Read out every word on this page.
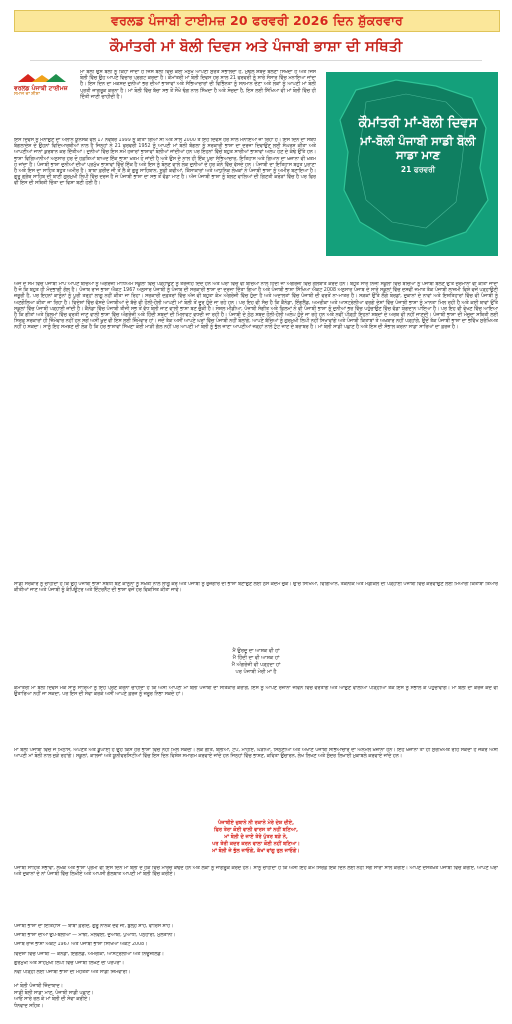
ਵਰਲਡ ਪੰਜਾਬੀ ਟਾਈਮਜ਼ 20 ਫਰਵਰੀ 2026 ਦਿਨ ਸ਼ੁੱਕਰਵਾਰ
ਕੌਮਾਂਤਰੀ ਮਾਂ ਬੋਲੀ ਦਿਵਸ ਅਤੇ ਪੰਜਾਬੀ ਭਾਸ਼ਾ ਦੀ ਸਥਿਤੀ
ਵਰਲਡ ਪੰਜਾਬੀ ਟਾਈਮਜ਼
ਸਮਾਜ ਦਾ ਸ਼ੀਸ਼ਾ
ਮਾਂ ਬੋਲੀ ਉਸ ਬੋਲੀ ਨੂੰ ਕਿਹਾ ਜਾਂਦਾ ਹੈ ਜਿਸ ਬੋਲੀ ਵਿੱਚ ਕੋਈ ਮਨੁੱਖ ਆਪਣੀ ਸੁਰਤ ਸੰਭਾਲਦਾ ਹੈ, ਮੁਢਲੇ ਸ਼ਬਦ ਬੋਲਣਾ ਸਿੱਖਦਾ ਹੈ ਅਤੇ ਜਿਸ ਬੋਲੀ ਵਿੱਚ ਉਹ ਆਪਣੇ ਵਿਚਾਰ ਪ੍ਰਗਟ ਕਰਦਾ ਹੈ। ਕੌਮਾਂਤਰੀ ਮਾਂ ਬੋਲੀ ਦਿਵਸ ਹਰ ਸਾਲ 21 ਫਰਵਰੀ ਨੂੰ ਸਾਰੇ ਸੰਸਾਰ ਵਿੱਚ ਮਨਾਇਆ ਜਾਂਦਾ ਹੈ। ਇਸ ਦਿਨ ਦਾ ਮਕਸਦ ਦੁਨੀਆਂ ਭਰ ਦੀਆਂ ਭਾਸ਼ਾਵਾਂ ਅਤੇ ਸੱਭਿਆਚਾਰਾਂ ਦੀ ਵਿਭਿੰਨਤਾ ਨੂੰ ਸਨਮਾਨ ਦੇਣਾ ਅਤੇ ਲੋਕਾਂ ਨੂੰ ਆਪਣੀ ਮਾਂ ਬੋਲੀ ਪ੍ਰਤੀ ਜਾਗਰੂਕ ਕਰਨਾ ਹੈ। ਮਾਂ ਬੋਲੀ ਵਿੱਚ ਬੱਚਾ ਸਭ ਤੋਂ ਸੌਖੇ ਢੰਗ ਨਾਲ ਸਿੱਖਦਾ ਹੈ ਅਤੇ ਸੋਚਦਾ ਹੈ, ਇਸ ਲਈ ਸਿੱਖਿਆ ਵੀ ਮਾਂ ਬੋਲੀ ਵਿੱਚ ਹੀ ਦਿੱਤੀ ਜਾਣੀ ਚਾਹੀਦੀ ਹੈ।
ਕੌਮਾਂਤਰੀ ਮਾਂ-ਬੋਲੀ ਦਿਵਸ
ਮਾਂ-ਬੋਲੀ ਪੰਜਾਬੀ ਸਾਡੀ ਬੋਲੀ ਸਾਡਾ ਮਾਣ
21 ਫਰਵਰੀ
ਇਸ ਦਿਵਸ ਨੂੰ ਮਨਾਉਣ ਦਾ ਐਲਾਨ ਯੂਨੈਸਕੋ ਵੱਲੋਂ 17 ਨਵੰਬਰ 1999 ਨੂੰ ਕੀਤਾ ਗਿਆ ਸੀ ਅਤੇ ਸਾਲ 2000 ਤੋਂ ਇਹ ਦਿਵਸ ਹਰ ਸਾਲ ਮਨਾਇਆ ਜਾ ਰਿਹਾ ਹੈ। ਇਸ ਦਿਨ ਦਾ ਸੰਬੰਧ ਬੰਗਲਾਦੇਸ਼ ਦੇ ਉਹਨਾਂ ਵਿਦਿਆਰਥੀਆਂ ਨਾਲ ਹੈ ਜਿਨ੍ਹਾਂ ਨੇ 21 ਫਰਵਰੀ 1952 ਨੂੰ ਆਪਣੀ ਮਾਂ ਬੋਲੀ ਬੰਗਲਾ ਨੂੰ ਸਰਕਾਰੀ ਭਾਸ਼ਾ ਦਾ ਦਰਜਾ ਦਿਵਾਉਣ ਲਈ ਸੰਘਰਸ਼ ਕੀਤਾ ਅਤੇ ਆਪਣੀਆਂ ਜਾਨਾਂ ਕੁਰਬਾਨ ਕਰ ਦਿੱਤੀਆਂ। ਦੁਨੀਆਂ ਵਿੱਚ ਇਸ ਸਮੇਂ ਹਜ਼ਾਰਾਂ ਭਾਸ਼ਾਵਾਂ ਬੋਲੀਆਂ ਜਾਂਦੀਆਂ ਹਨ ਪਰ ਇਹਨਾਂ ਵਿੱਚੋਂ ਬਹੁਤ ਸਾਰੀਆਂ ਭਾਸ਼ਾਵਾਂ ਅਲੋਪ ਹੋਣ ਦੇ ਕੰਢੇ ਉੱਤੇ ਹਨ। ਭਾਸ਼ਾ ਵਿਗਿਆਨੀਆਂ ਅਨੁਸਾਰ ਹਰ ਦੋ ਹਫ਼ਤਿਆਂ ਬਾਅਦ ਇੱਕ ਭਾਸ਼ਾ ਖ਼ਤਮ ਹੋ ਜਾਂਦੀ ਹੈ ਅਤੇ ਉਸ ਦੇ ਨਾਲ ਹੀ ਇੱਕ ਪੂਰਾ ਸੱਭਿਆਚਾਰ, ਇਤਿਹਾਸ ਅਤੇ ਗਿਆਨ ਦਾ ਖ਼ਜ਼ਾਨਾ ਵੀ ਖ਼ਤਮ ਹੋ ਜਾਂਦਾ ਹੈ। ਪੰਜਾਬੀ ਭਾਸ਼ਾ ਦੁਨੀਆਂ ਦੀਆਂ ਪ੍ਰਮੁੱਖ ਭਾਸ਼ਾਵਾਂ ਵਿੱਚੋਂ ਇੱਕ ਹੈ ਅਤੇ ਇਸ ਨੂੰ ਬੋਲਣ ਵਾਲੇ ਲੋਕ ਦੁਨੀਆਂ ਦੇ ਹਰ ਕੋਨੇ ਵਿੱਚ ਵੱਸਦੇ ਹਨ। ਪੰਜਾਬੀ ਦਾ ਇਤਿਹਾਸ ਬਹੁਤ ਪੁਰਾਣਾ ਹੈ ਅਤੇ ਇਸ ਦਾ ਸਾਹਿਤ ਬਹੁਤ ਅਮੀਰ ਹੈ। ਬਾਬਾ ਫ਼ਰੀਦ ਜੀ ਤੋਂ ਲੈ ਕੇ ਗੁਰੂ ਸਾਹਿਬਾਨ, ਸੂਫ਼ੀ ਕਵੀਆਂ, ਕਿੱਸਾਕਾਰਾਂ ਅਤੇ ਆਧੁਨਿਕ ਲੇਖਕਾਂ ਨੇ ਪੰਜਾਬੀ ਭਾਸ਼ਾ ਨੂੰ ਅਮੀਰ ਬਣਾਇਆ ਹੈ। ਗੁਰੂ ਗ੍ਰੰਥ ਸਾਹਿਬ ਦੀ ਬਾਣੀ ਗੁਰਮੁਖੀ ਲਿਪੀ ਵਿੱਚ ਦਰਜ ਹੈ ਜੋ ਪੰਜਾਬੀ ਭਾਸ਼ਾ ਦਾ ਸਭ ਤੋਂ ਵੱਡਾ ਮਾਣ ਹੈ। ਅੱਜ ਪੰਜਾਬੀ ਭਾਸ਼ਾ ਨੂੰ ਬੋਲਣ ਵਾਲਿਆਂ ਦੀ ਗਿਣਤੀ ਕਰੋੜਾਂ ਵਿੱਚ ਹੈ ਪਰ ਫਿਰ ਵੀ ਇਸ ਦੀ ਸਥਿਤੀ ਚਿੰਤਾ ਦਾ ਵਿਸ਼ਾ ਬਣੀ ਹੋਈ ਹੈ।
ਅੱਜ ਦੇ ਸਮੇਂ ਵਿੱਚ ਪੰਜਾਬੀ ਮਾਪੇ ਆਪਣੇ ਬੱਚਿਆਂ ਨੂੰ ਅੰਗਰੇਜ਼ੀ ਮਾਧਿਅਮ ਸਕੂਲਾਂ ਵਿੱਚ ਪੜ੍ਹਾਉਣ ਨੂੰ ਤਰਜੀਹ ਦਿੰਦੇ ਹਨ ਅਤੇ ਘਰਾਂ ਵਿੱਚ ਵੀ ਬੱਚਿਆਂ ਨਾਲ ਹਿੰਦੀ ਜਾਂ ਅੰਗਰੇਜ਼ੀ ਵਿੱਚ ਗੱਲਬਾਤ ਕਰਦੇ ਹਨ। ਬਹੁਤ ਸਾਰੇ ਨਿੱਜੀ ਸਕੂਲਾਂ ਵਿੱਚ ਬੱਚਿਆਂ ਨੂੰ ਪੰਜਾਬੀ ਬੋਲਣ ਉੱਤੇ ਜੁਰਮਾਨਾ ਵੀ ਕੀਤਾ ਜਾਂਦਾ ਹੈ ਜੋ ਕਿ ਬਹੁਤ ਹੀ ਮੰਦਭਾਗੀ ਗੱਲ ਹੈ। ਪੰਜਾਬ ਰਾਜ ਭਾਸ਼ਾ ਐਕਟ 1967 ਅਨੁਸਾਰ ਪੰਜਾਬੀ ਨੂੰ ਪੰਜਾਬ ਦੀ ਸਰਕਾਰੀ ਭਾਸ਼ਾ ਦਾ ਦਰਜਾ ਦਿੱਤਾ ਗਿਆ ਹੈ ਅਤੇ ਪੰਜਾਬੀ ਭਾਸ਼ਾ ਸਿੱਖਿਆ ਐਕਟ 2008 ਅਨੁਸਾਰ ਪੰਜਾਬ ਦੇ ਸਾਰੇ ਸਕੂਲਾਂ ਵਿੱਚ ਦਸਵੀਂ ਜਮਾਤ ਤੱਕ ਪੰਜਾਬੀ ਲਾਜ਼ਮੀ ਵਿਸ਼ੇ ਵਜੋਂ ਪੜ੍ਹਾਉਣੀ ਜ਼ਰੂਰੀ ਹੈ, ਪਰ ਇਹਨਾਂ ਕਾਨੂੰਨਾਂ ਨੂੰ ਪੂਰੀ ਤਰ੍ਹਾਂ ਲਾਗੂ ਨਹੀਂ ਕੀਤਾ ਜਾ ਰਿਹਾ। ਸਰਕਾਰੀ ਦਫ਼ਤਰਾਂ ਵਿੱਚ ਅੱਜ ਵੀ ਬਹੁਤਾ ਕੰਮ ਅੰਗਰੇਜ਼ੀ ਵਿੱਚ ਹੁੰਦਾ ਹੈ ਅਤੇ ਅਦਾਲਤਾਂ ਵਿੱਚ ਪੰਜਾਬੀ ਦੀ ਵਰਤੋਂ ਨਾ-ਮਾਤਰ ਹੈ। ਸੜਕਾਂ ਉੱਤੇ ਲੱਗੇ ਬੋਰਡਾਂ, ਦੁਕਾਨਾਂ ਦੇ ਨਾਵਾਂ ਅਤੇ ਇਸ਼ਤਿਹਾਰਾਂ ਵਿੱਚ ਵੀ ਪੰਜਾਬੀ ਨੂੰ ਅਣਗੌਲਿਆ ਕੀਤਾ ਜਾ ਰਿਹਾ ਹੈ। ਵਿਦੇਸ਼ਾਂ ਵਿੱਚ ਵੱਸਦੇ ਪੰਜਾਬੀਆਂ ਦੇ ਬੱਚੇ ਵੀ ਹੌਲੀ-ਹੌਲੀ ਆਪਣੀ ਮਾਂ ਬੋਲੀ ਤੋਂ ਦੂਰ ਹੁੰਦੇ ਜਾ ਰਹੇ ਹਨ। ਪਰ ਇਹ ਵੀ ਸੱਚ ਹੈ ਕਿ ਕੈਨੇਡਾ, ਇੰਗਲੈਂਡ, ਅਮਰੀਕਾ ਅਤੇ ਆਸਟ੍ਰੇਲੀਆ ਵਰਗੇ ਦੇਸ਼ਾਂ ਵਿੱਚ ਪੰਜਾਬੀ ਭਾਸ਼ਾ ਨੂੰ ਮਾਨਤਾ ਮਿਲ ਰਹੀ ਹੈ ਅਤੇ ਕਈ ਥਾਵਾਂ ਉੱਤੇ ਸਕੂਲਾਂ ਵਿੱਚ ਪੰਜਾਬੀ ਪੜ੍ਹਾਈ ਜਾਂਦੀ ਹੈ। ਕੈਨੇਡਾ ਵਿੱਚ ਪੰਜਾਬੀ ਤੀਜੀ ਸਭ ਤੋਂ ਵੱਧ ਬੋਲੀ ਜਾਣ ਵਾਲੀ ਭਾਸ਼ਾ ਬਣ ਚੁੱਕੀ ਹੈ। ਸੋਸ਼ਲ ਮੀਡੀਆ, ਪੰਜਾਬੀ ਸੰਗੀਤ ਅਤੇ ਫ਼ਿਲਮਾਂ ਨੇ ਵੀ ਪੰਜਾਬੀ ਭਾਸ਼ਾ ਨੂੰ ਦੁਨੀਆਂ ਭਰ ਵਿੱਚ ਪਹੁੰਚਾਉਣ ਵਿੱਚ ਵੱਡਾ ਯੋਗਦਾਨ ਪਾਇਆ ਹੈ। ਪਰ ਇਹ ਵੀ ਵੇਖਣ ਵਿੱਚ ਆਇਆ ਹੈ ਕਿ ਗੀਤਾਂ ਅਤੇ ਫ਼ਿਲਮਾਂ ਵਿੱਚ ਵਰਤੀ ਜਾਣ ਵਾਲੀ ਭਾਸ਼ਾ ਵਿੱਚ ਅੰਗਰੇਜ਼ੀ ਅਤੇ ਹਿੰਦੀ ਸ਼ਬਦਾਂ ਦੀ ਮਿਲਾਵਟ ਵਧਦੀ ਜਾ ਰਹੀ ਹੈ। ਪੰਜਾਬੀ ਦੇ ਠੇਠ ਸ਼ਬਦ ਹੌਲੀ-ਹੌਲੀ ਅਲੋਪ ਹੁੰਦੇ ਜਾ ਰਹੇ ਹਨ ਅਤੇ ਨਵੀਂ ਪੀੜ੍ਹੀ ਇਹਨਾਂ ਸ਼ਬਦਾਂ ਦੇ ਅਰਥ ਵੀ ਨਹੀਂ ਜਾਣਦੀ। ਪੰਜਾਬੀ ਭਾਸ਼ਾ ਦੀ ਮੌਜੂਦਾ ਸਥਿਤੀ ਲਈ ਸਿਰਫ਼ ਸਰਕਾਰਾਂ ਹੀ ਜ਼ਿੰਮੇਵਾਰ ਨਹੀਂ ਹਨ ਸਗੋਂ ਅਸੀਂ ਖ਼ੁਦ ਵੀ ਇਸ ਲਈ ਜ਼ਿੰਮੇਵਾਰ ਹਾਂ। ਜਦੋਂ ਤੱਕ ਅਸੀਂ ਆਪਣੇ ਘਰਾਂ ਵਿੱਚ ਪੰਜਾਬੀ ਨਹੀਂ ਬੋਲਾਂਗੇ, ਆਪਣੇ ਬੱਚਿਆਂ ਨੂੰ ਗੁਰਮੁਖੀ ਲਿਪੀ ਨਹੀਂ ਸਿਖਾਵਾਂਗੇ ਅਤੇ ਪੰਜਾਬੀ ਕਿਤਾਬਾਂ ਤੇ ਅਖ਼ਬਾਰ ਨਹੀਂ ਪੜ੍ਹਾਂਗੇ, ਉਦੋਂ ਤੱਕ ਪੰਜਾਬੀ ਭਾਸ਼ਾ ਦਾ ਭਵਿੱਖ ਸੁਰੱਖਿਅਤ ਨਹੀਂ ਹੋ ਸਕਦਾ। ਸਾਨੂੰ ਇਹ ਸਮਝਣ ਦੀ ਲੋੜ ਹੈ ਕਿ ਹੋਰ ਭਾਸ਼ਾਵਾਂ ਸਿੱਖਣਾ ਕੋਈ ਮਾੜੀ ਗੱਲ ਨਹੀਂ ਪਰ ਆਪਣੀ ਮਾਂ ਬੋਲੀ ਨੂੰ ਭੁੱਲ ਜਾਣਾ ਆਪਣੀਆਂ ਜੜ੍ਹਾਂ ਨਾਲੋਂ ਟੁੱਟ ਜਾਣ ਦੇ ਬਰਾਬਰ ਹੈ। ਮਾਂ ਬੋਲੀ ਸਾਡੀ ਪਛਾਣ ਹੈ ਅਤੇ ਇਸ ਦੀ ਸੰਭਾਲ ਕਰਨਾ ਸਾਡਾ ਸਾਰਿਆਂ ਦਾ ਫ਼ਰਜ਼ ਹੈ।
ਸਾਡੀ ਸਰਕਾਰ ਨੂੰ ਚਾਹੀਦਾ ਹੈ ਕਿ ਉਹ ਪੰਜਾਬੀ ਭਾਸ਼ਾ ਸੰਬੰਧੀ ਬਣੇ ਕਾਨੂੰਨਾਂ ਨੂੰ ਸਖ਼ਤੀ ਨਾਲ ਲਾਗੂ ਕਰੇ ਅਤੇ ਪੰਜਾਬੀ ਨੂੰ ਰੁਜ਼ਗਾਰ ਦੀ ਭਾਸ਼ਾ ਬਣਾਉਣ ਲਈ ਠੋਸ ਕਦਮ ਚੁੱਕੇ। ਉੱਚ ਸਿੱਖਿਆ, ਵਿਗਿਆਨ, ਤਕਨੀਕ ਅਤੇ ਮੈਡੀਕਲ ਦੀ ਪੜ੍ਹਾਈ ਪੰਜਾਬੀ ਵਿੱਚ ਕਰਵਾਉਣ ਲਈ ਮਿਆਰੀ ਕਿਤਾਬਾਂ ਤਿਆਰ ਕੀਤੀਆਂ ਜਾਣ ਅਤੇ ਪੰਜਾਬੀ ਨੂੰ ਕੰਪਿਊਟਰ ਅਤੇ ਇੰਟਰਨੈੱਟ ਦੀ ਭਾਸ਼ਾ ਵਜੋਂ ਹੋਰ ਵਿਕਸਿਤ ਕੀਤਾ ਜਾਵੇ।
ਮੈਂ ਉਰਦੂ ਦਾ ਆਸ਼ਕ ਵੀ ਹਾਂ
ਮੈਂ ਹਿੰਦੀ ਦਾ ਵੀ ਆਸ਼ਕ ਹਾਂ
ਮੈਂ ਅੰਗਰੇਜ਼ੀ ਵੀ ਪੜ੍ਹਦਾ ਹਾਂ
ਪਰ ਪੰਜਾਬੀ ਮੇਰੀ ਮਾਂ ਹੈ
ਕੌਮਾਂਤਰੀ ਮਾਂ ਬੋਲੀ ਦਿਵਸ ਮੌਕੇ ਸਾਨੂੰ ਸਾਰਿਆਂ ਨੂੰ ਇਹ ਪ੍ਰਣ ਕਰਨਾ ਚਾਹੀਦਾ ਹੈ ਕਿ ਅਸੀਂ ਆਪਣੀ ਮਾਂ ਬੋਲੀ ਪੰਜਾਬੀ ਦਾ ਸਤਿਕਾਰ ਕਰਾਂਗੇ, ਇਸ ਨੂੰ ਆਪਣੇ ਰੋਜ਼ਾਨਾ ਜੀਵਨ ਵਿੱਚ ਵਰਤਾਂਗੇ ਅਤੇ ਆਉਣ ਵਾਲੀਆਂ ਪੀੜ੍ਹੀਆਂ ਤੱਕ ਇਸ ਨੂੰ ਸੰਭਾਲ ਕੇ ਪਹੁੰਚਾਵਾਂਗੇ। ਮਾਂ ਬੋਲੀ ਦਾ ਕਰਜ਼ ਕਦੇ ਵੀ ਉਤਾਰਿਆ ਨਹੀਂ ਜਾ ਸਕਦਾ, ਪਰ ਇਸ ਦੀ ਸੇਵਾ ਕਰਕੇ ਅਸੀਂ ਆਪਣੇ ਫ਼ਰਜ਼ ਨੂੰ ਜ਼ਰੂਰ ਨਿਭਾ ਸਕਦੇ ਹਾਂ।
ਮਾਂ ਬੋਲੀ ਪੰਜਾਬੀ ਵਿੱਚ ਜੋ ਮਿਠਾਸ, ਅਪਣੱਤ ਅਤੇ ਡੂੰਘਾਈ ਹੈ ਉਹ ਕਿਸੇ ਹੋਰ ਭਾਸ਼ਾ ਵਿੱਚ ਨਹੀਂ ਮਿਲ ਸਕਦੀ। ਲੋਕ ਗੀਤ, ਬੋਲੀਆਂ, ਟੱਪੇ, ਮਾਹੀਏ, ਘੋੜੀਆਂ, ਸਿੱਠਣੀਆਂ ਅਤੇ ਅਖਾਣ ਪੰਜਾਬੀ ਸੱਭਿਆਚਾਰ ਦਾ ਅਨਮੋਲ ਖ਼ਜ਼ਾਨਾ ਹਨ। ਇਹ ਖ਼ਜ਼ਾਨਾ ਤਾਂ ਹੀ ਸੁਰੱਖਿਅਤ ਰਹਿ ਸਕਦਾ ਹੈ ਜੇਕਰ ਅਸੀਂ ਆਪਣੀ ਮਾਂ ਬੋਲੀ ਨਾਲ ਜੁੜੇ ਰਹਾਂਗੇ। ਸਕੂਲਾਂ, ਕਾਲਜਾਂ ਅਤੇ ਯੂਨੀਵਰਸਿਟੀਆਂ ਵਿੱਚ ਇਸ ਦਿਨ ਵਿਸ਼ੇਸ਼ ਸਮਾਗਮ ਕਰਵਾਏ ਜਾਂਦੇ ਹਨ ਜਿਨ੍ਹਾਂ ਵਿੱਚ ਭਾਸ਼ਣ, ਕਵਿਤਾ ਉਚਾਰਨ, ਲੇਖ ਲਿਖਣ ਅਤੇ ਸੁੰਦਰ ਲਿਖਾਈ ਮੁਕਾਬਲੇ ਕਰਵਾਏ ਜਾਂਦੇ ਹਨ।
ਪੰਜਾਬੀਏ ਜ਼ੁਬਾਨੇ ਨੀ ਰਕਾਨੇ ਮੇਰੇ ਦੇਸ਼ ਦੀਏ,
ਫਿਰ ਤੇਰਾ ਕੋਈ ਵਾਲੀ ਵਾਰਸ ਤਾਂ ਨਹੀਂ ਬਣਿਆ,
ਮਾਂ ਬੋਲੀ ਦੇ ਜਾਏ ਤੇਰੇ ਪੁੱਤਰ ਬੜੇ ਨੇ,
ਪਰ ਤੇਰੀ ਕਦਰ ਕਰਨ ਵਾਲਾ ਕੋਈ ਨਹੀਂ ਬਣਿਆ।
ਮਾਂ ਬੋਲੀ ਜੇ ਭੁੱਲ ਜਾਓਗੇ, ਕੱਖਾਂ ਵਾਂਗੂ ਰੁਲ ਜਾਓਗੇ।
ਪੰਜਾਬੀ ਸਾਹਿਤ ਸਭਾਵਾਂ, ਲੇਖਕ ਅਤੇ ਭਾਸ਼ਾ ਪ੍ਰੇਮੀ ਵੀ ਇਸ ਦਿਨ ਮਾਂ ਬੋਲੀ ਦੇ ਹੱਕ ਵਿੱਚ ਮਾਰਚ ਕੱਢਦੇ ਹਨ ਅਤੇ ਲੋਕਾਂ ਨੂੰ ਜਾਗਰੂਕ ਕਰਦੇ ਹਨ। ਸਾਨੂੰ ਚਾਹੀਦਾ ਹੈ ਕਿ ਅਸੀਂ ਇਹ ਕੰਮ ਸਿਰਫ਼ ਇੱਕ ਦਿਨ ਲਈ ਨਹੀਂ ਸਗੋਂ ਸਾਰਾ ਸਾਲ ਕਰੀਏ। ਆਪਣੇ ਦਸਤਖ਼ਤ ਪੰਜਾਬੀ ਵਿੱਚ ਕਰੀਏ, ਆਪਣੇ ਘਰਾਂ ਅਤੇ ਦੁਕਾਨਾਂ ਦੇ ਨਾਂ ਪੰਜਾਬੀ ਵਿੱਚ ਲਿਖੀਏ ਅਤੇ ਆਪਸੀ ਗੱਲਬਾਤ ਆਪਣੀ ਮਾਂ ਬੋਲੀ ਵਿੱਚ ਕਰੀਏ।
ਪੰਜਾਬੀ ਭਾਸ਼ਾ ਦਾ ਇਤਿਹਾਸ — ਬਾਬਾ ਫ਼ਰੀਦ, ਗੁਰੂ ਨਾਨਕ ਦੇਵ ਜੀ, ਬੁੱਲ੍ਹੇ ਸ਼ਾਹ, ਵਾਰਿਸ ਸ਼ਾਹ।
ਪੰਜਾਬੀ ਭਾਸ਼ਾ ਦੀਆਂ ਉਪ-ਬੋਲੀਆਂ — ਮਾਝੀ, ਮਲਵਈ, ਦੁਆਬੀ, ਪੁਆਧੀ, ਪੋਠੋਹਾਰੀ, ਮੁਲਤਾਨੀ।
ਪੰਜਾਬ ਰਾਜ ਭਾਸ਼ਾ ਐਕਟ 1967 ਅਤੇ ਪੰਜਾਬੀ ਭਾਸ਼ਾ ਸਿੱਖਿਆ ਐਕਟ 2008।
ਵਿਦੇਸ਼ਾਂ ਵਿੱਚ ਪੰਜਾਬੀ — ਕੈਨੇਡਾ, ਇੰਗਲੈਂਡ, ਅਮਰੀਕਾ, ਆਸਟ੍ਰੇਲੀਆ ਅਤੇ ਨਿਊਜ਼ੀਲੈਂਡ।
ਗੁਰਮੁਖੀ ਅਤੇ ਸ਼ਾਹਮੁਖੀ ਲਿਪੀ ਵਿੱਚ ਪੰਜਾਬੀ ਲਿਖਣ ਦੀ ਪਰੰਪਰਾ।
ਨਵੀਂ ਪੀੜ੍ਹੀ ਲਈ ਪੰਜਾਬੀ ਭਾਸ਼ਾ ਦੀ ਮਹੱਤਤਾ ਅਤੇ ਸਾਡੀ ਜ਼ਿੰਮੇਵਾਰੀ।
ਮਾਂ ਬੋਲੀ ਪੰਜਾਬੀ ਜ਼ਿੰਦਾਬਾਦ।
ਸਾਡੀ ਬੋਲੀ ਸਾਡਾ ਮਾਣ, ਪੰਜਾਬੀ ਸਾਡੀ ਪਛਾਣ।
ਆਓ ਸਾਰੇ ਰਲ ਕੇ ਮਾਂ ਬੋਲੀ ਦੀ ਸੇਵਾ ਕਰੀਏ।
ਧੰਨਵਾਦ ਸਹਿਤ।
